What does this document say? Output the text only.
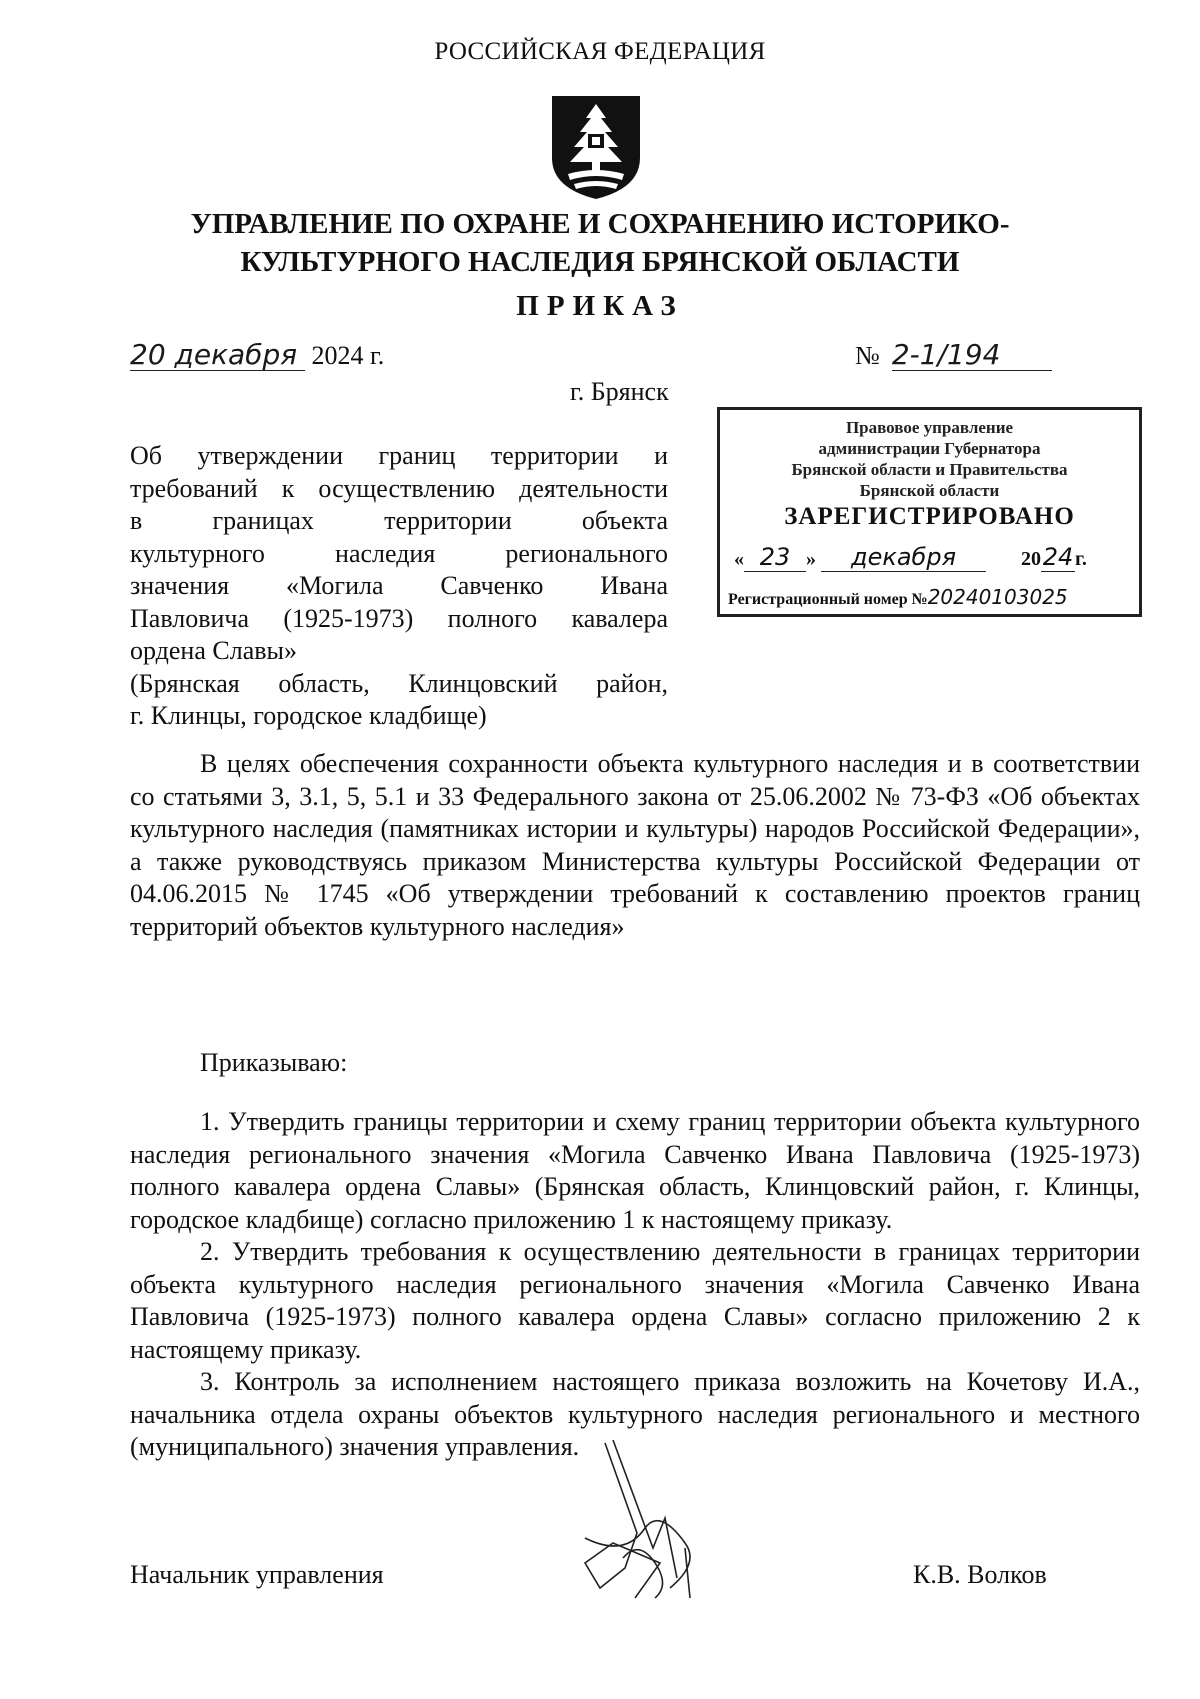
РОССИЙСКАЯ ФЕДЕРАЦИЯ
УПРАВЛЕНИЕ ПО ОХРАНЕ И СОХРАНЕНИЮ ИСТОРИКО-
КУЛЬТУРНОГО НАСЛЕДИЯ БРЯНСКОЙ ОБЛАСТИ
ПРИКАЗ
20 декабря 2024 г.	№ 2-1/194
г. Брянск
Правовое управление
администрации Губернатора
Брянской области и Правительства
Брянской области
ЗАРЕГИСТРИРОВАНО
« 23 » декабря	2024г.
Регистрационный номер №20240103025

Об утверждении границ территории и

требований к осуществлению деятельности

в границах территории объекта

культурного наследия регионального

значения «Могила Савченко Ивана

Павловича (1925-1973) полного кавалера

ордена Славы»

(Брянская область, Клинцовский район,

г. Клинцы, городское кладбище)

В целях обеспечения сохранности объекта культурного наследия и в соответствии со статьями 3, 3.1, 5, 5.1 и 33 Федерального закона от 25.06.2002 № 73-ФЗ «Об объектах культурного наследия (памятниках истории и культуры) народов Российской Федерации», а также руководствуясь приказом Министерства культуры Российской Федерации от 04.06.2015 № 1745 «Об утверждении требований к составлению проектов границ территорий объектов культурного наследия»

Приказываю:

1. Утвердить границы территории и схему границ территории объекта культурного наследия регионального значения «Могила Савченко Ивана Павловича (1925-1973) полного кавалера ордена Славы» (Брянская область, Клинцовский район, г. Клинцы, городское кладбище) согласно приложению 1 к настоящему приказу.

2. Утвердить требования к осуществлению деятельности в границах территории объекта культурного наследия регионального значения «Могила Савченко Ивана Павловича (1925-1973) полного кавалера ордена Славы» согласно приложению 2 к настоящему приказу.

3. Контроль за исполнением настоящего приказа возложить на Кочетову И.А., начальника отдела охраны объектов культурного наследия регионального и местного (муниципального) значения управления.

Начальник управления	К.В. Волков
